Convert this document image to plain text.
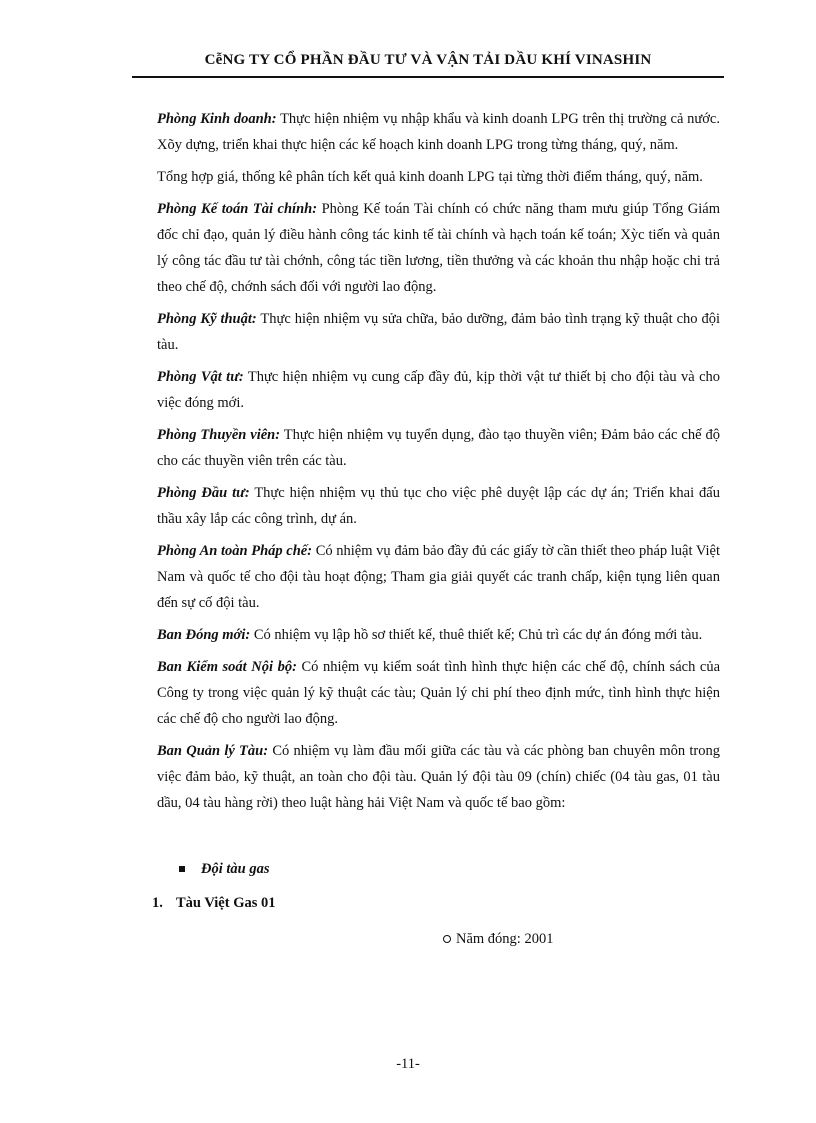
CễNG TY CỔ PHẦN ĐẦU TƯ VÀ VẬN TẢI DẦU KHÍ VINASHIN

Phòng Kinh doanh: Thực hiện nhiệm vụ nhập khẩu và kinh doanh LPG trên thị trường cả nước. Xõy dựng, triển khai thực hiện các kế hoạch kinh doanh LPG trong từng tháng, quý, năm.

Tổng hợp giá, thống kê phân tích kết quả kinh doanh LPG tại từng thời điểm tháng, quý, năm.

Phòng Kế toán Tài chính: Phòng Kế toán Tài chính có chức năng tham mưu giúp Tổng Giám đốc chỉ đạo, quản lý điều hành công tác kinh tế tài chính và hạch toán kế toán; Xỳc tiến và quản lý công tác đầu tư tài chớnh, công tác tiền lương, tiền thưởng và các khoản thu nhập hoặc chi trả theo chế độ, chớnh sách đối với người lao động.

Phòng Kỹ thuật: Thực hiện nhiệm vụ sửa chữa, bảo dưỡng, đảm bảo tình trạng kỹ thuật cho đội tàu.

Phòng Vật tư: Thực hiện nhiệm vụ cung cấp đầy đủ, kịp thời vật tư thiết bị cho đội tàu và cho việc đóng mới.

Phòng Thuyền viên: Thực hiện nhiệm vụ tuyển dụng, đào tạo thuyền viên; Đảm bảo các chế độ cho các thuyền viên trên các tàu.

Phòng Đầu tư: Thực hiện nhiệm vụ thủ tục cho việc phê duyệt lập các dự án; Triển khai đấu thầu xây lắp các công trình, dự án.

Phòng An toàn Pháp chế: Có nhiệm vụ đảm bảo đầy đủ các giấy tờ cần thiết theo pháp luật Việt Nam và quốc tế cho đội tàu hoạt động; Tham gia giải quyết các tranh chấp, kiện tụng liên quan đến sự cố đội tàu.

Ban Đóng mới: Có nhiệm vụ lập hồ sơ thiết kế, thuê thiết kế; Chủ trì các dự án đóng mới tàu.

Ban Kiểm soát Nội bộ: Có nhiệm vụ kiểm soát tình hình thực hiện các chế độ, chính sách của Công ty trong việc quản lý kỹ thuật các tàu; Quản lý chi phí theo định mức, tình hình thực hiện các chế độ cho người lao động.

Ban Quản lý Tàu: Có nhiệm vụ làm đầu mối giữa các tàu và các phòng ban chuyên môn trong việc đảm bảo, kỹ thuật, an toàn cho đội tàu. Quản lý đội tàu 09 (chín) chiếc (04 tàu gas, 01 tàu dầu, 04 tàu hàng rời) theo luật hàng hải Việt Nam và quốc tế bao gồm:

Đội tàu gas
1. Tàu Việt Gas 01
Năm đóng: 2001
-11-
